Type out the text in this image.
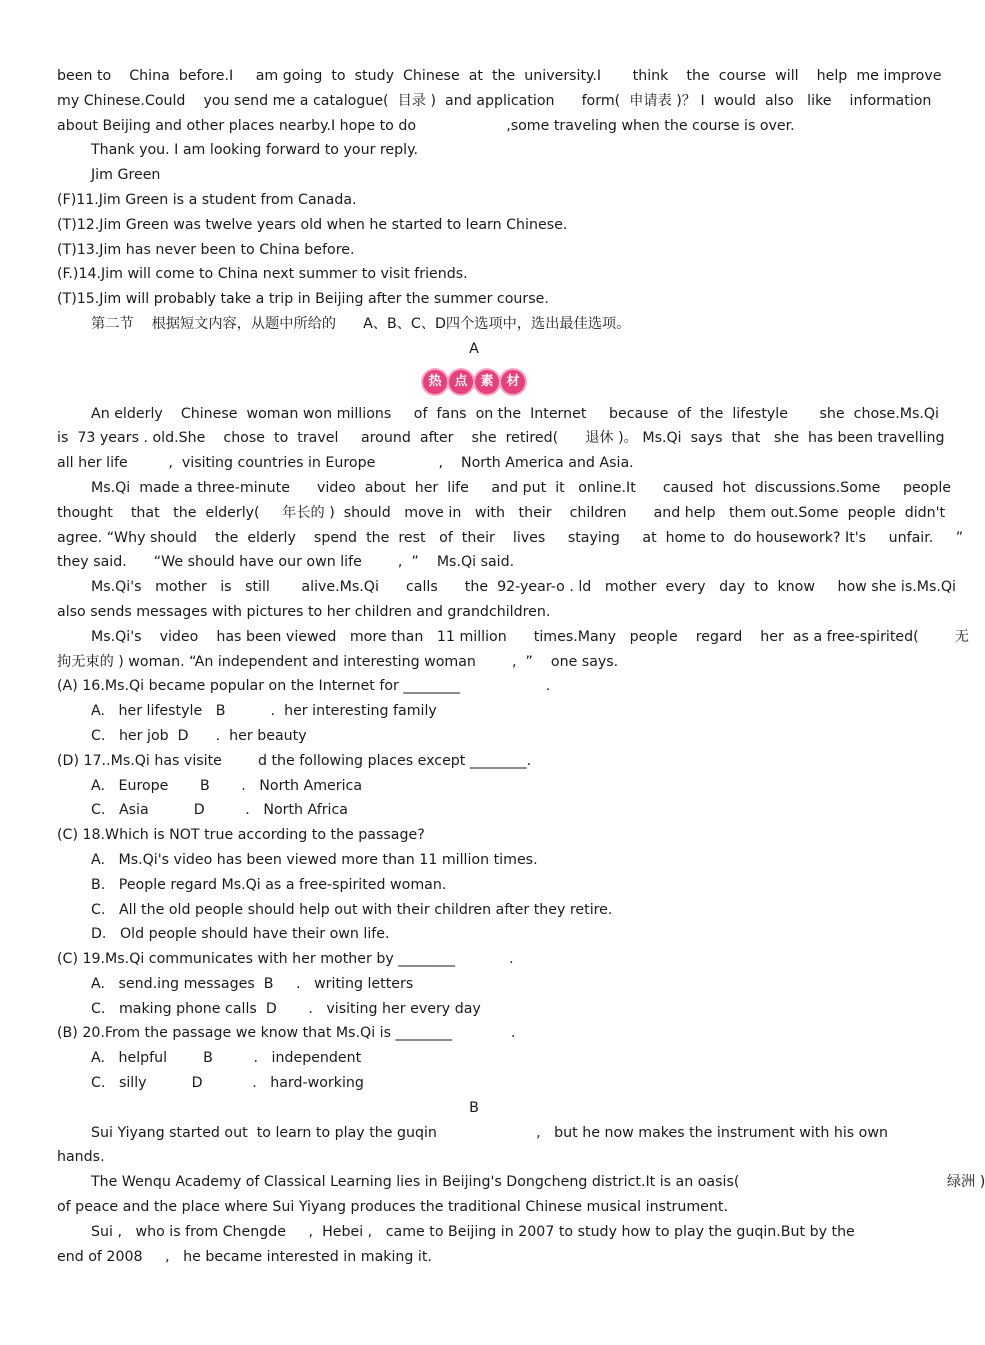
been to    China  before.I     am going  to  study  Chinese  at  the  university.I       think    the  course  will    help  me improve
my Chinese.Could    you send me a catalogue(  目录 )  and application      form(  申请表 )？ I  would  also   like    information
about Beijing and other places nearby.I hope to do                    ,some traveling when the course is over.
Thank you. I am looking forward to your reply.
Jim Green
(F)11.Jim Green is a student from Canada.
(T)12.Jim Green was twelve years old when he started to learn Chinese.
(T)13.Jim has never been to China before.
(F.)14.Jim will come to China next summer to visit friends.
(T)15.Jim will probably take a trip in Beijing after the summer course.
第二节    根据短文内容，从题中所给的      A、B、C、D四个选项中，选出最佳选项。
A
热 点 素 材
An elderly    Chinese  woman won millions     of  fans  on the  Internet     because  of  the  lifestyle       she  chose.Ms.Qi
is  73 years . old.She    chose  to  travel     around  after    she  retired(      退休 )。 Ms.Qi  says  that   she  has been travelling
all her life         ,  visiting countries in Europe              ,    North America and Asia.
Ms.Qi  made a three-minute      video  about  her  life     and put  it   online.It      caused  hot  discussions.Some     people
thought    that   the  elderly(     年长的 )  should   move in   with   their    children      and help   them out.Some  people  didn't
agree. “Why should    the  elderly    spend  the  rest   of  their    lives     staying     at  home to  do housework? It's     unfair.     ”
they said.      “We should have our own life        ,  ”    Ms.Qi said.
Ms.Qi's   mother   is   still       alive.Ms.Qi      calls      the  92-year-o . ld   mother  every   day  to  know     how she is.Ms.Qi
also sends messages with pictures to her children and grandchildren.
Ms.Qi's    video    has been viewed   more than   11 million      times.Many   people    regard    her  as a free-spirited(        无
拘无束的 ) woman. “An independent and interesting woman        ,  ”    one says.
(A) 16.Ms.Qi became popular on the Internet for ________                   .
A.   her lifestyle   B          .  her interesting family
C.   her job  D      .  her beauty
(D) 17..Ms.Qi has visite        d the following places except ________.
A.   Europe       B       .   North America
C.   Asia          D         .   North Africa
(C) 18.Which is NOT true according to the passage?
A.   Ms.Qi's video has been viewed more than 11 million times.
B.   People regard Ms.Qi as a free-spirited woman.
C.   All the old people should help out with their children after they retire.
D.   Old people should have their own life.
(C) 19.Ms.Qi communicates with her mother by ________            .
A.   send.ing messages  B     .   writing letters
C.   making phone calls  D       .   visiting her every day
(B) 20.From the passage we know that Ms.Qi is ________             .
A.   helpful        B         .   independent
C.   silly          D           .   hard-working
B
Sui Yiyang started out  to learn to play the guqin                      ,   but he now makes the instrument with his own
hands.
The Wenqu Academy of Classical Learning lies in Beijing's Dongcheng district.It is an oasis(                                              绿洲 )
of peace and the place where Sui Yiyang produces the traditional Chinese musical instrument.
Sui ,   who is from Chengde     ,  Hebei ,   came to Beijing in 2007 to study how to play the guqin.But by the
end of 2008     ,   he became interested in making it.
